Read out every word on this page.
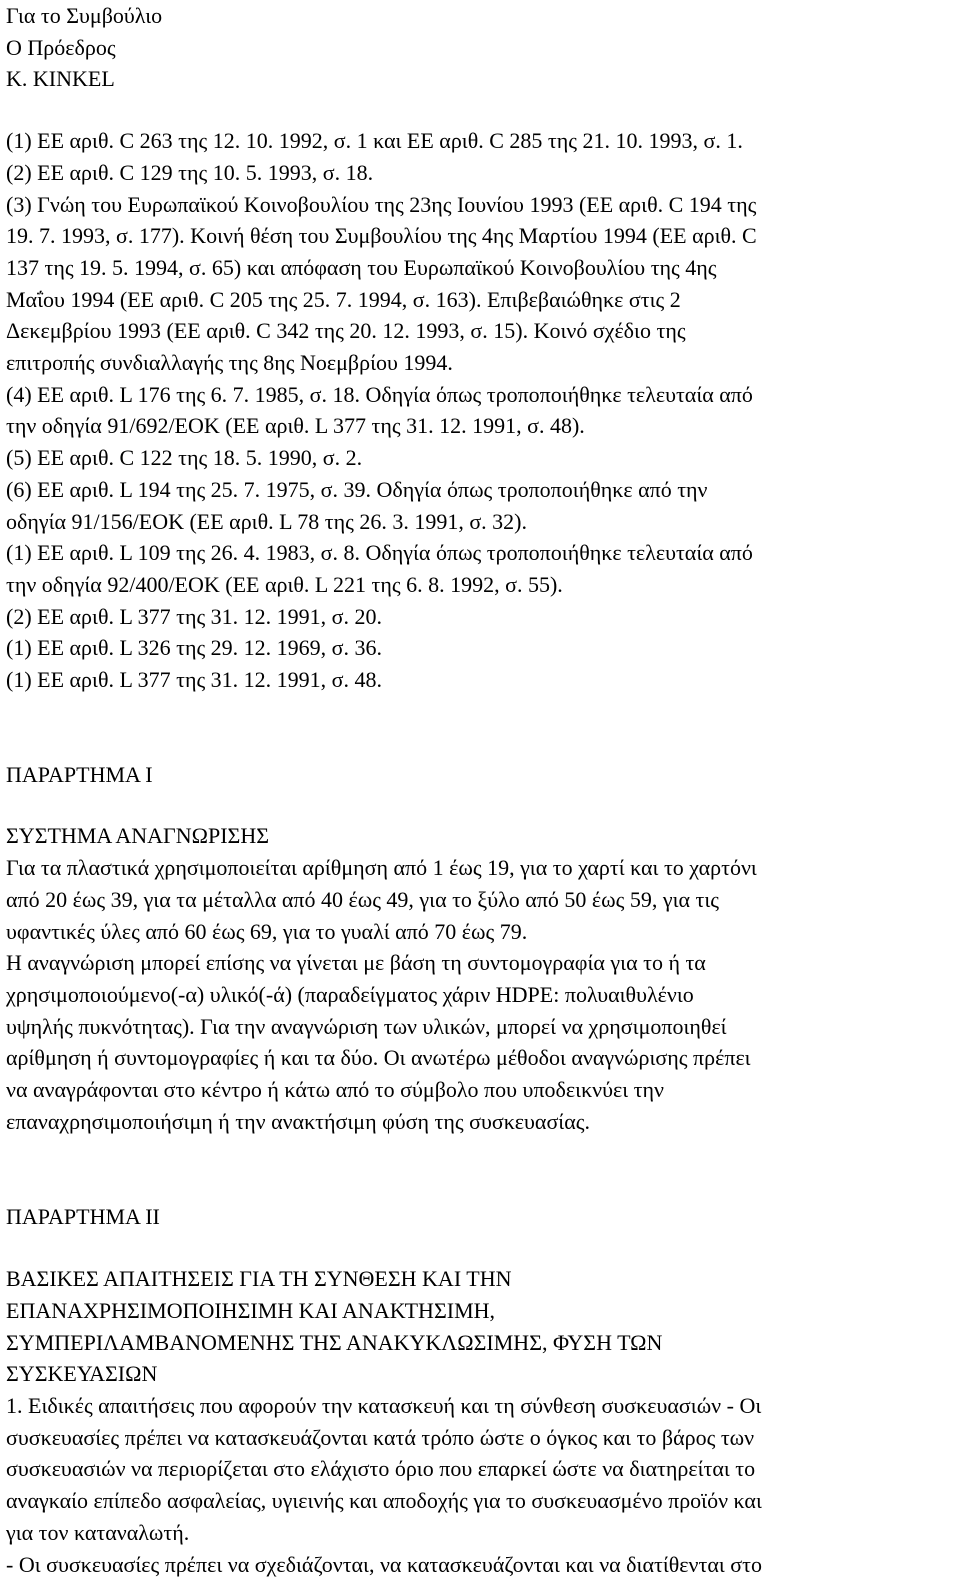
Για το Συμβούλιο
Ο Πρόεδρος
K. KINKEL
(1) ΕΕ αριθ. C 263 της 12. 10. 1992, σ. 1 και ΕΕ αριθ. C 285 της 21. 10. 1993, σ. 1.
(2) ΕΕ αριθ. C 129 της 10. 5. 1993, σ. 18.
(3) Γνώη του Ευρωπαϊκού Κοινοβουλίου της 23ης Ιουνίου 1993 (ΕΕ αριθ. C 194 της
19. 7. 1993, σ. 177). Κοινή θέση του Συμβουλίου της 4ης Μαρτίου 1994 (ΕΕ αριθ. C
137 της 19. 5. 1994, σ. 65) και απόφαση του Ευρωπαϊκού Κοινοβουλίου της 4ης
Μαΐου 1994 (ΕΕ αριθ. C 205 της 25. 7. 1994, σ. 163). Επιβεβαιώθηκε στις 2
Δεκεμβρίου 1993 (ΕΕ αριθ. C 342 της 20. 12. 1993, σ. 15). Κοινό σχέδιο της
επιτροπής συνδιαλλαγής της 8ης Νοεμβρίου 1994.
(4) ΕΕ αριθ. L 176 της 6. 7. 1985, σ. 18. Οδηγία όπως τροποποιήθηκε τελευταία από
την οδηγία 91/692/ΕΟΚ (ΕΕ αριθ. L 377 της 31. 12. 1991, σ. 48).
(5) ΕΕ αριθ. C 122 της 18. 5. 1990, σ. 2.
(6) ΕΕ αριθ. L 194 της 25. 7. 1975, σ. 39. Οδηγία όπως τροποποιήθηκε από την
οδηγία 91/156/ΕΟΚ (ΕΕ αριθ. L 78 της 26. 3. 1991, σ. 32).
(1) ΕΕ αριθ. L 109 της 26. 4. 1983, σ. 8. Οδηγία όπως τροποποιήθηκε τελευταία από
την οδηγία 92/400/ΕΟΚ (ΕΕ αριθ. L 221 της 6. 8. 1992, σ. 55).
(2) ΕΕ αριθ. L 377 της 31. 12. 1991, σ. 20.
(1) ΕΕ αριθ. L 326 της 29. 12. 1969, σ. 36.
(1) ΕΕ αριθ. L 377 της 31. 12. 1991, σ. 48.
ΠΑΡΑΡΤΗΜΑ Ι
ΣΥΣΤΗΜΑ ΑΝΑΓΝΩΡΙΣΗΣ
Για τα πλαστικά χρησιμοποιείται αρίθμηση από 1 έως 19, για το χαρτί και το χαρτόνι
από 20 έως 39, για τα μέταλλα από 40 έως 49, για το ξύλο από 50 έως 59, για τις
υφαντικές ύλες από 60 έως 69, για το γυαλί από 70 έως 79.
Η αναγνώριση μπορεί επίσης να γίνεται με βάση τη συντομογραφία για το ή τα
χρησιμοποιούμενο(-α) υλικό(-ά) (παραδείγματος χάριν HDPE: πολυαιθυλένιο
υψηλής πυκνότητας). Για την αναγνώριση των υλικών, μπορεί να χρησιμοποιηθεί
αρίθμηση ή συντομογραφίες ή και τα δύο. Οι ανωτέρω μέθοδοι αναγνώρισης πρέπει
να αναγράφονται στο κέντρο ή κάτω από το σύμβολο που υποδεικνύει την
επαναχρησιμοποιήσιμη ή την ανακτήσιμη φύση της συσκευασίας.
ΠΑΡΑΡΤΗΜΑ ΙΙ
ΒΑΣΙΚΕΣ ΑΠΑΙΤΗΣΕΙΣ ΓΙΑ ΤΗ ΣΥΝΘΕΣΗ ΚΑΙ ΤΗΝ
ΕΠΑΝΑΧΡΗΣΙΜΟΠΟΙΗΣΙΜΗ ΚΑΙ ΑΝΑΚΤΗΣΙΜΗ,
ΣΥΜΠΕΡΙΛΑΜΒΑΝΟΜΕΝΗΣ ΤΗΣ ΑΝΑΚΥΚΛΩΣΙΜΗΣ, ΦΥΣΗ ΤΩΝ
ΣΥΣΚΕΥΑΣΙΩΝ
1. Ειδικές απαιτήσεις που αφορούν την κατασκευή και τη σύνθεση συσκευασιών - Οι
συσκευασίες πρέπει να κατασκευάζονται κατά τρόπο ώστε ο όγκος και το βάρος των
συσκευασιών να περιορίζεται στο ελάχιστο όριο που επαρκεί ώστε να διατηρείται το
αναγκαίο επίπεδο ασφαλείας, υγιεινής και αποδοχής για το συσκευασμένο προϊόν και
για τον καταναλωτή.
- Οι συσκευασίες πρέπει να σχεδιάζονται, να κατασκευάζονται και να διατίθενται στο
